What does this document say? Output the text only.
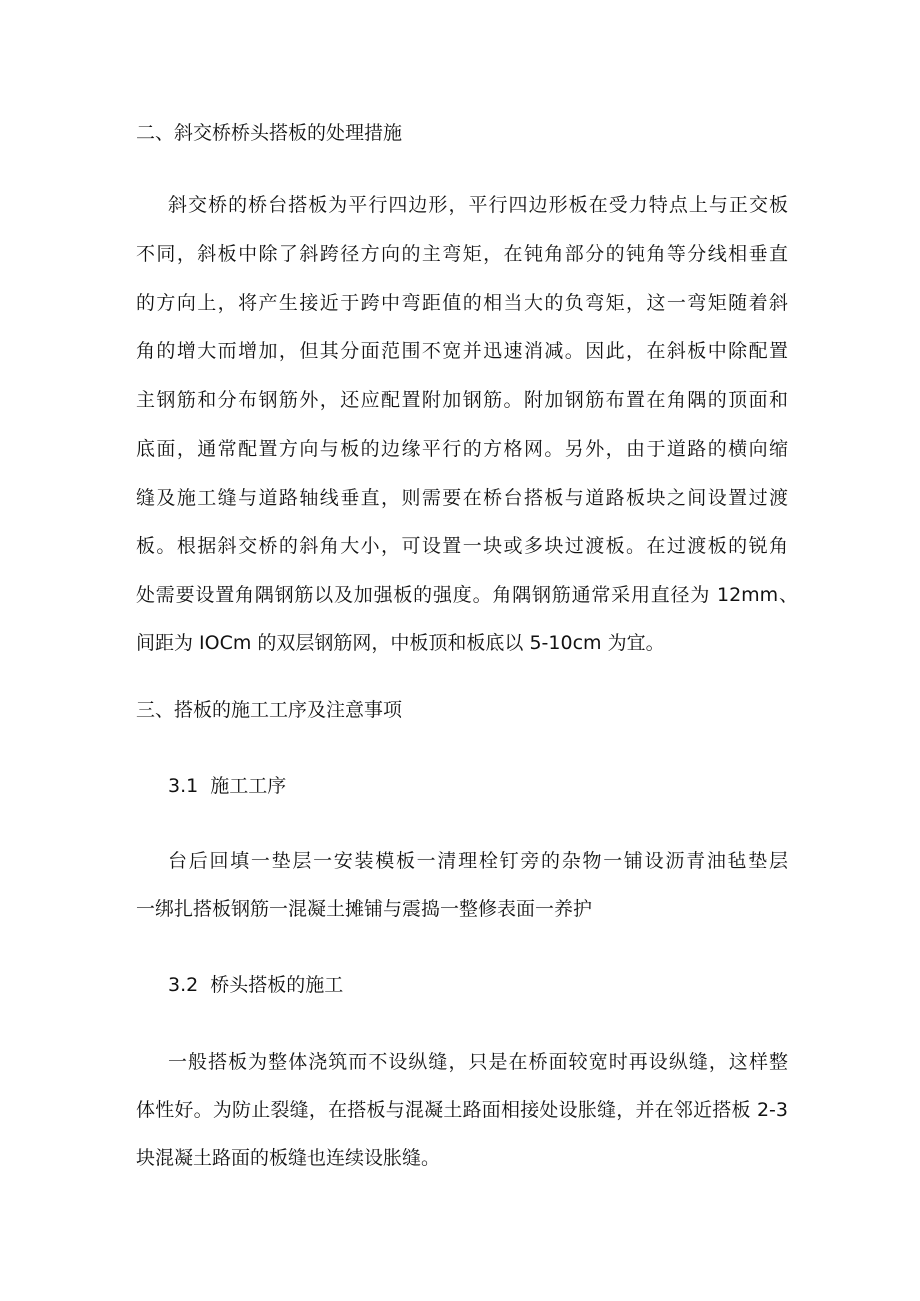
二、斜交桥桥头搭板的处理措施
斜交桥的桥台搭板为平行四边形，平行四边形板在受力特点上与正交板
不同，斜板中除了斜跨径方向的主弯矩，在钝角部分的钝角等分线相垂直
的方向上，将产生接近于跨中弯距值的相当大的负弯矩，这一弯矩随着斜
角的增大而增加，但其分面范围不宽并迅速消减。因此，在斜板中除配置
主钢筋和分布钢筋外，还应配置附加钢筋。附加钢筋布置在角隅的顶面和
底面，通常配置方向与板的边缘平行的方格网。另外，由于道路的横向缩
缝及施工缝与道路轴线垂直，则需要在桥台搭板与道路板块之间设置过渡
板。根据斜交桥的斜角大小，可设置一块或多块过渡板。在过渡板的锐角
处需要设置角隅钢筋以及加强板的强度。角隅钢筋通常采用直径为 12mm、
间距为 IOCm 的双层钢筋网，中板顶和板底以 5-10cm 为宜。
三、搭板的施工工序及注意事项
3.1  施工工序
台后回填一垫层一安装模板一清理栓钉旁的杂物一铺设沥青油毡垫层
一绑扎搭板钢筋一混凝土摊铺与震捣一整修表面一养护
3.2  桥头搭板的施工
一般搭板为整体浇筑而不设纵缝，只是在桥面较宽时再设纵缝，这样整
体性好。为防止裂缝，在搭板与混凝土路面相接处设胀缝，并在邻近搭板 2-3
块混凝土路面的板缝也连续设胀缝。
